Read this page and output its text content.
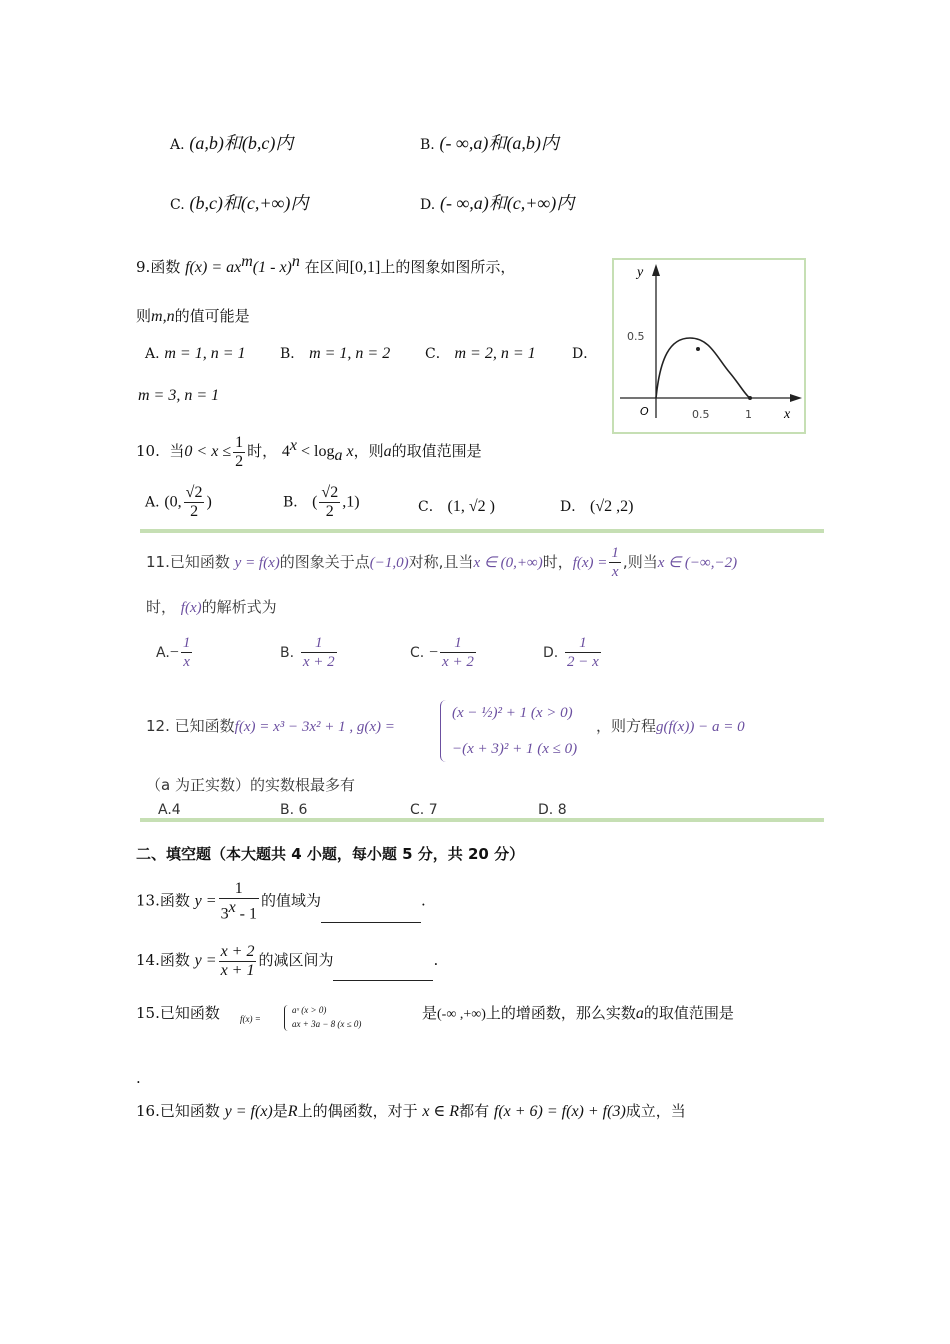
A. (a,b)和(b,c)内	B. (- ∞,a)和(a,b)内
C. (b,c)和(c,+∞)内	D. (- ∞,a)和(c,+∞)内
9.函数 $f(x) = ax^m(1 - x)^n$ 在区间[0,1]上的图象如图所示，
则m,n的值可能是
A. m = 1, n = 1 B． m = 1, n = 2 C． m = 2, n = 1	D．
m = 3, n = 1
y
x
O
0.5
0.5	1
10. 当$0 < x \le \frac{1}{2}$ 时， $4^x < \log_a x$，则a的取值范围是
A. (0, $\frac{√2}{2}$ )	B． ( $\frac{√2}{2} ,1$)	C． (1, √2 )	D． (√2 ,2)
11.已知函数 y = f(x)的图象关于点(−1,0)对称,且当x ∈ (0,+∞)时，$f(x) = \frac{1}{x}$ ,则当x ∈ (−∞,−2)
时， f(x)的解析式为
$A.- \frac{1}{x}$	B. $\frac{1}{x + 2}$	C. − $\frac{1}{x + 2}$	D. $\frac{1}{2 - x}$
12. 已知函数f(x) = x³ − 3x² + 1 , g(x) =
(x − ½)² + 1 (x > 0)
−(x + 3)² + 1 (x ≤ 0)
，则方程g(f(x)) − a = 0
（a 为正实数）的实数根最多有
A.4	B. 6	C. 7	D. 8
二、填空题（本大题共 4 小题，每小题 5 分，共 20 分）
13.函数 $y = \frac{1}{3^x - 1}$ 的值域为	.
14.函数 $y = \frac{x + 2}{x + 1}$ 的减区间为	.
15.已知函数 f(x) =
aˣ (x > 0)
ax + 3a − 8 (x ≤ 0)
是(-∞ ,+∞)上的增函数，那么实数a的取值范围是
.
16.已知函数 y = f(x)是R上的偶函数，对于 x ∈ R都有 f(x + 6) = f(x) + f(3)成立，当
